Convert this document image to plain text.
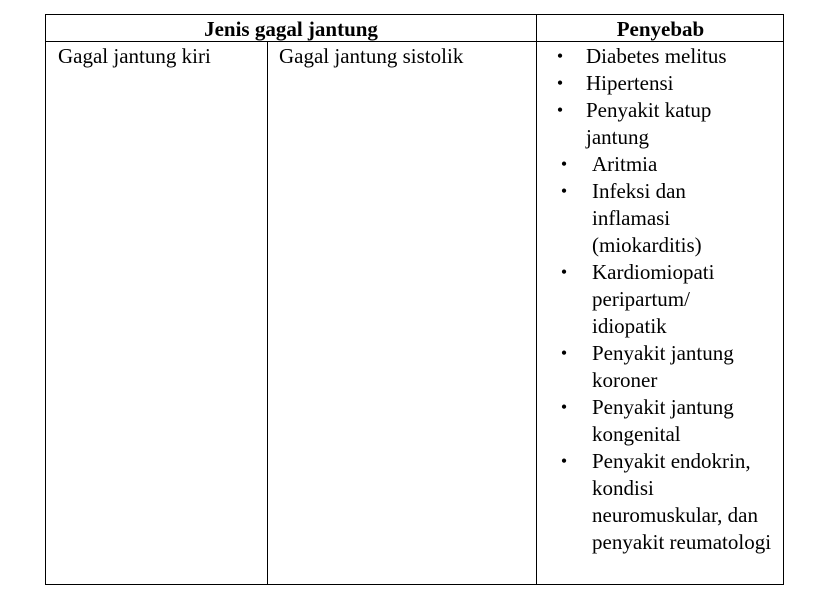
Jenis gagal jantung	Penyebab
Gagal jantung kiri	Gagal jantung sistolik	•	Diabetes melitus
•	Hipertensi
•	Penyakit katup jantung
•	Aritmia
•	Infeksi dan inflamasi (miokarditis)
•	Kardiomiopati peripartum/ idiopatik
•	Penyakit jantung koroner
•	Penyakit jantung kongenital
•	Penyakit endokrin, kondisi neuromuskular, dan penyakit reumatologi
